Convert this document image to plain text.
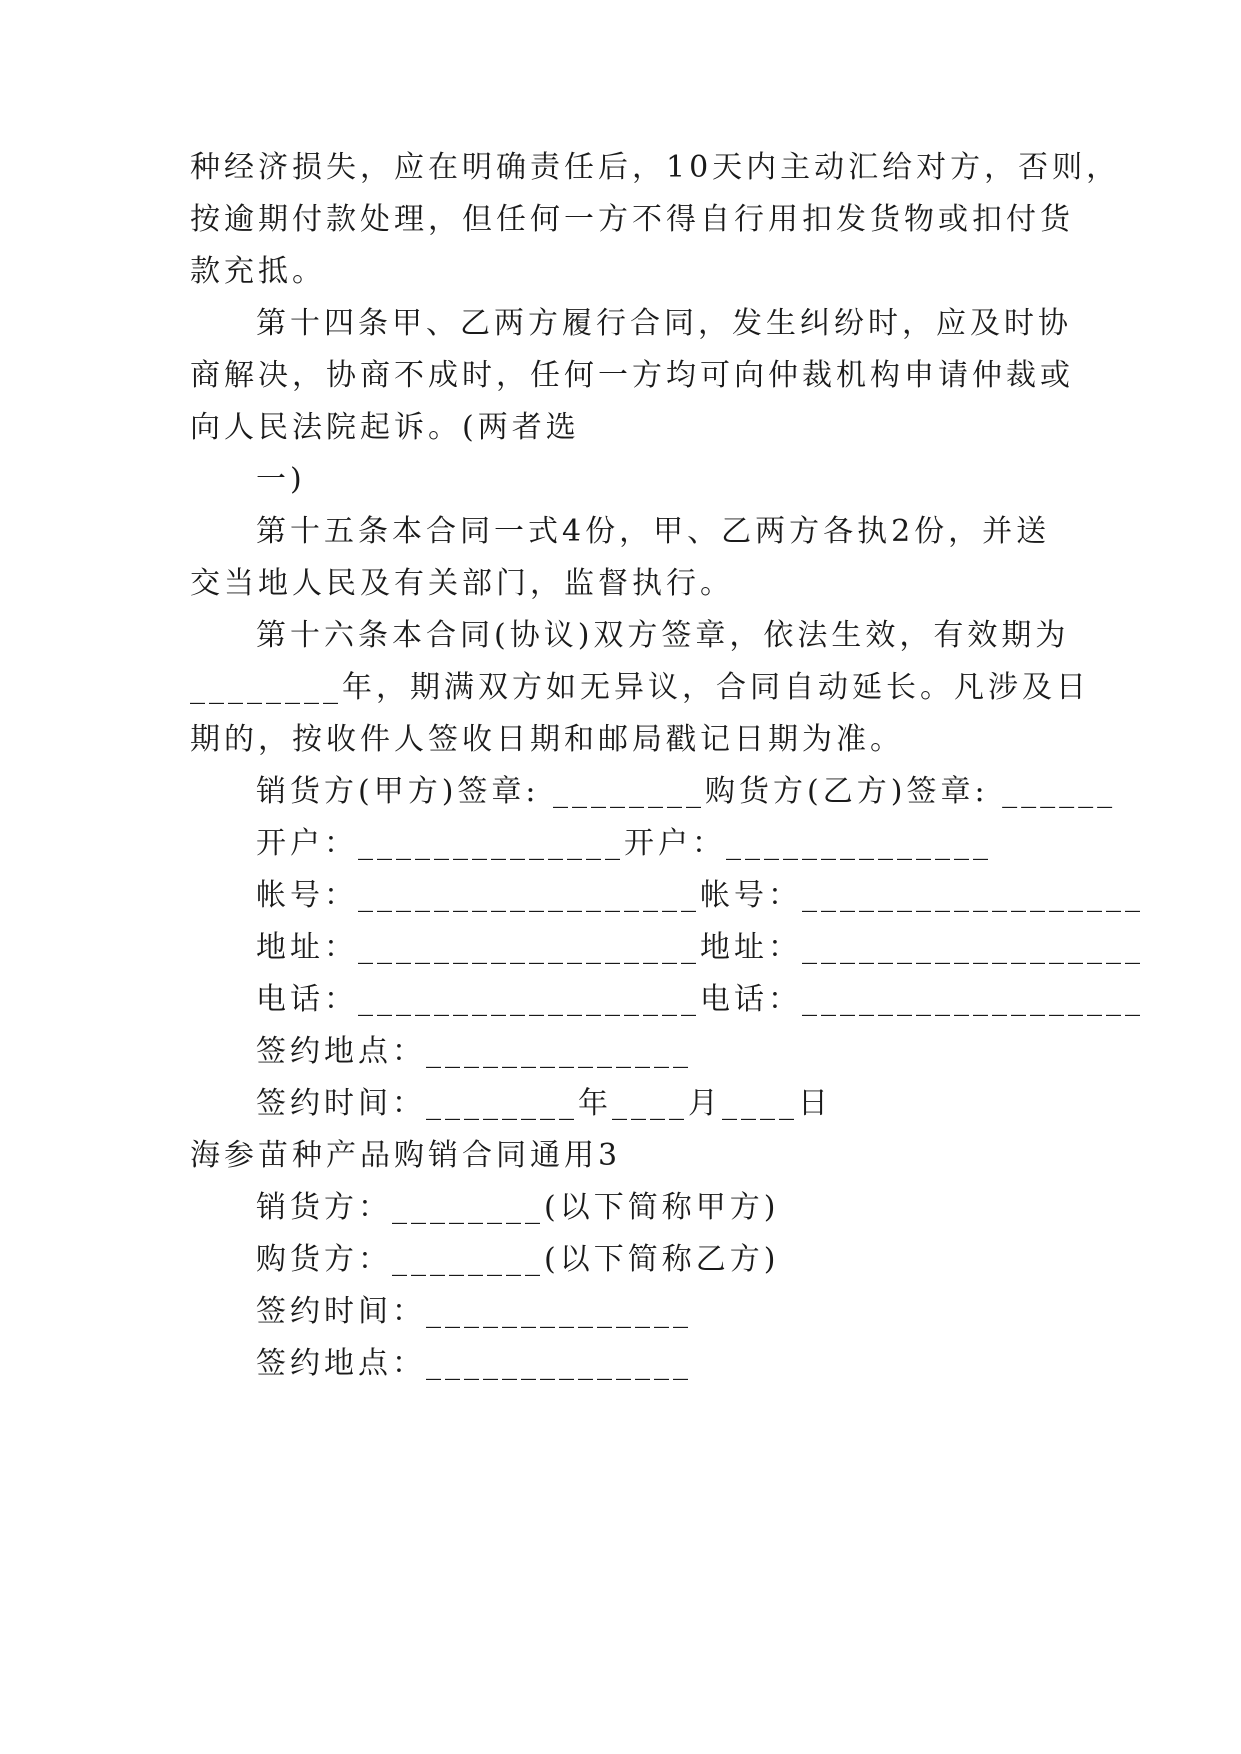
种经济损失，应在明确责任后，10天内主动汇给对方，否则，

按逾期付款处理，但任何一方不得自行用扣发货物或扣付货

款充抵。

第十四条甲、乙两方履行合同，发生纠纷时，应及时协

商解决，协商不成时，任何一方均可向仲裁机构申请仲裁或

向人民法院起诉。(两者选

一)

第十五条本合同一式4份，甲、乙两方各执2份，并送

交当地人民及有关部门，监督执行。

第十六条本合同(协议)双方签章，依法生效，有效期为

________年，期满双方如无异议，合同自动延长。凡涉及日

期的，按收件人签收日期和邮局戳记日期为准。

销货方(甲方)签章: ________购货方(乙方)签章: ______

开户：______________开户：______________

帐号：__________________帐号：__________________

地址：__________________地址：__________________

电话：__________________电话：__________________

签约地点：______________

签约时间：________年____月____日

海参苗种产品购销合同通用3

销货方：________(以下简称甲方)

购货方：________(以下简称乙方)

签约时间：______________

签约地点：______________
